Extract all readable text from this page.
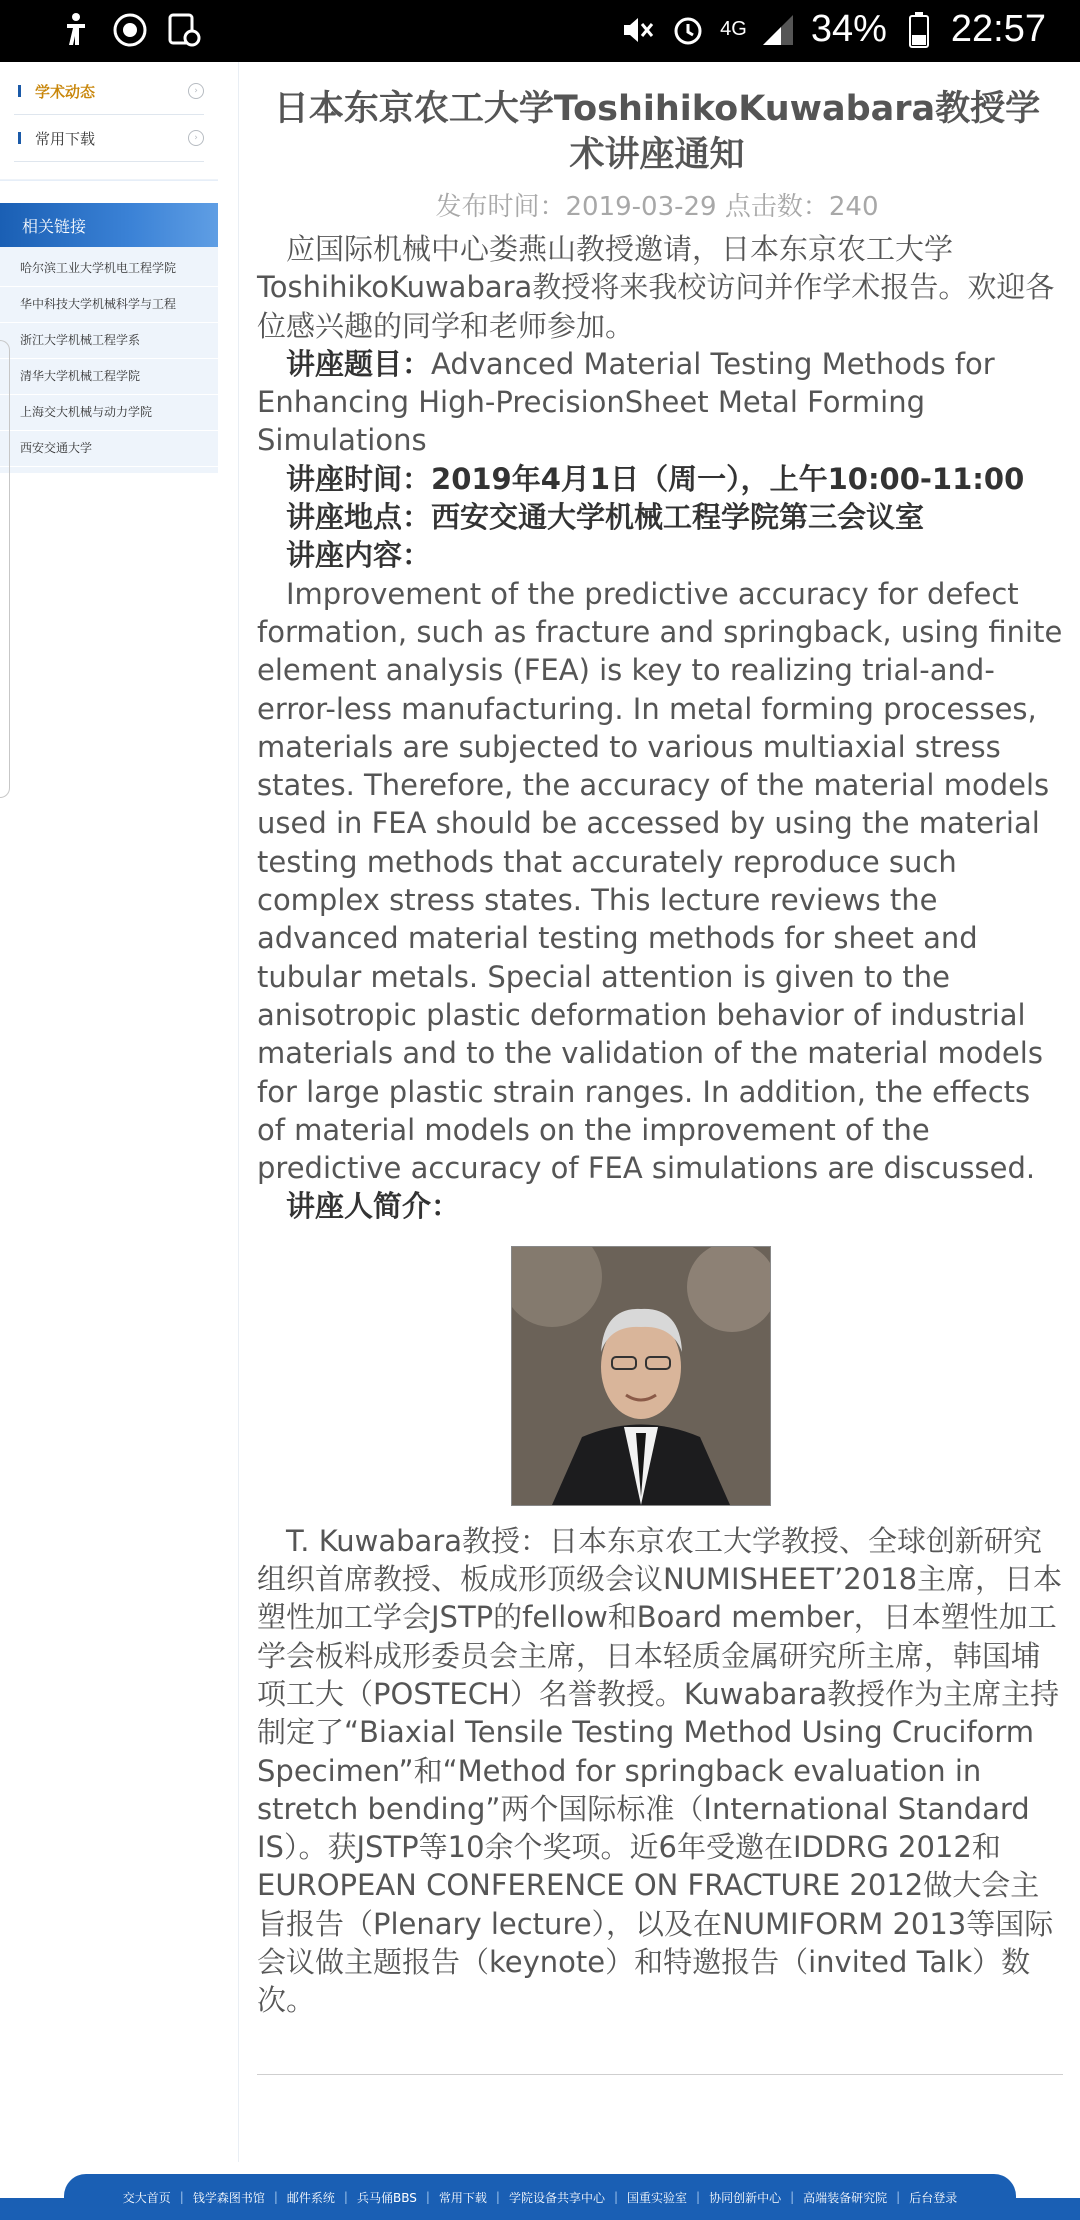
4G 34% 22:57
学术动态	›
常用下载	›
相关链接
哈尔滨工业大学机电工程学院
华中科技大学机械科学与工程
浙江大学机械工程学系
清华大学机械工程学院
上海交大机械与动力学院
西安交通大学
日本东京农工大学ToshihikoKuwabara教授学术讲座通知
发布时间：2019-03-29 点击数：240

应国际机械中心娄燕山教授邀请，日本东京农工大学ToshihikoKuwabara教授将来我校访问并作学术报告。欢迎各位感兴趣的同学和老师参加。

讲座题目：Advanced Material Testing Methods for Enhancing High-PrecisionSheet Metal Forming Simulations

讲座时间：2019年4月1日（周一），上午10:00-11:00

讲座地点：西安交通大学机械工程学院第三会议室

讲座内容：

Improvement of the predictive accuracy for defect formation, such as fracture and springback, using finite element analysis (FEA) is key to realizing trial-and-error-less manufacturing. In metal forming processes, materials are subjected to various multiaxial stress states. Therefore, the accuracy of the material models used in FEA should be accessed by using the material testing methods that accurately reproduce such complex stress states. This lecture reviews the advanced material testing methods for sheet and tubular metals. Special attention is given to the anisotropic plastic deformation behavior of industrial materials and to the validation of the material models for large plastic strain ranges. In addition, the effects of material models on the improvement of the predictive accuracy of FEA simulations are discussed.

讲座人简介：

T. Kuwabara教授：日本东京农工大学教授、全球创新研究组织首席教授、板成形顶级会议NUMISHEET’2018主席，日本塑性加工学会JSTP的fellow和Board member，日本塑性加工学会板料成形委员会主席，日本轻质金属研究所主席，韩国埔项工大（POSTECH）名誉教授。Kuwabara教授作为主席主持制定了“Biaxial Tensile Testing Method Using Cruciform Specimen”和“Method for springback evaluation in stretch bending”两个国际标准（International Standard IS）。获JSTP等10余个奖项。近6年受邀在IDDRG 2012和EUROPEAN CONFERENCE ON FRACTURE 2012做大会主旨报告（Plenary lecture），以及在NUMIFORM 2013等国际会议做主题报告（keynote）和特邀报告（invited Talk）数次。

交大首页 | 钱学森图书馆 | 邮件系统 | 兵马俑BBS | 常用下载 | 学院设备共享中心 | 国重实验室 | 协同创新中心 | 高端装备研究院 | 后台登录
